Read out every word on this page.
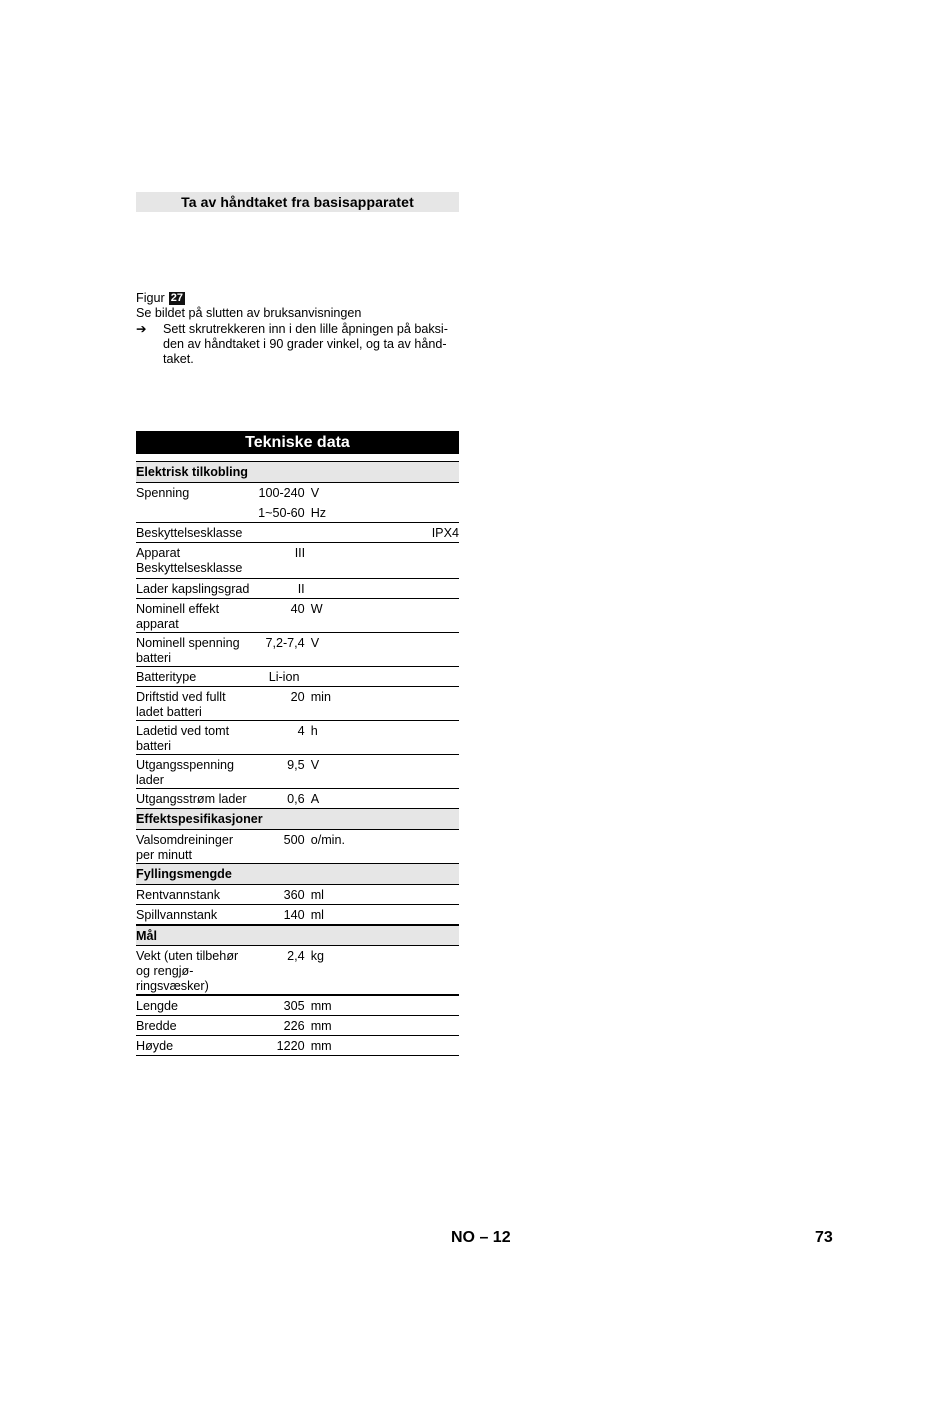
Ta av håndtaket fra basisapparatet
Figur 27
Se bildet på slutten av bruksanvisningen
➔	Sett skrutrekkeren inn i den lille åpningen på baksi-
den av håndtaket i 90 grader vinkel, og ta av hånd-
taket.
Tekniske data
Elektrisk tilkobling		
Spenning	100-240	V
	1~50-60	Hz
Beskyttelsesklasse	IPX4	

Apparat
Beskyttelsesklasse	III	
Lader kapslingsgrad	II	
Nominell effekt apparat	40	W
Nominell spenning batteri	7,2-7,4	V
Batteritype	Li-ion	
Driftstid ved fullt ladet batteri	20	min
Ladetid ved tomt batteri	4	h
Utgangsspenning lader	9,5	V
Utgangsstrøm lader	0,6	A
Effektspesifikasjoner		
Valsomdreininger per minutt	500	o/min.
Fyllingsmengde		
Rentvannstank	360	ml
Spillvannstank	140	ml
Mål		

Vekt (uten tilbehør og rengjø-
ringsvæsker)	2,4	kg
Lengde	305	mm
Bredde	226	mm
Høyde	1220	mm
NO – 12	73
